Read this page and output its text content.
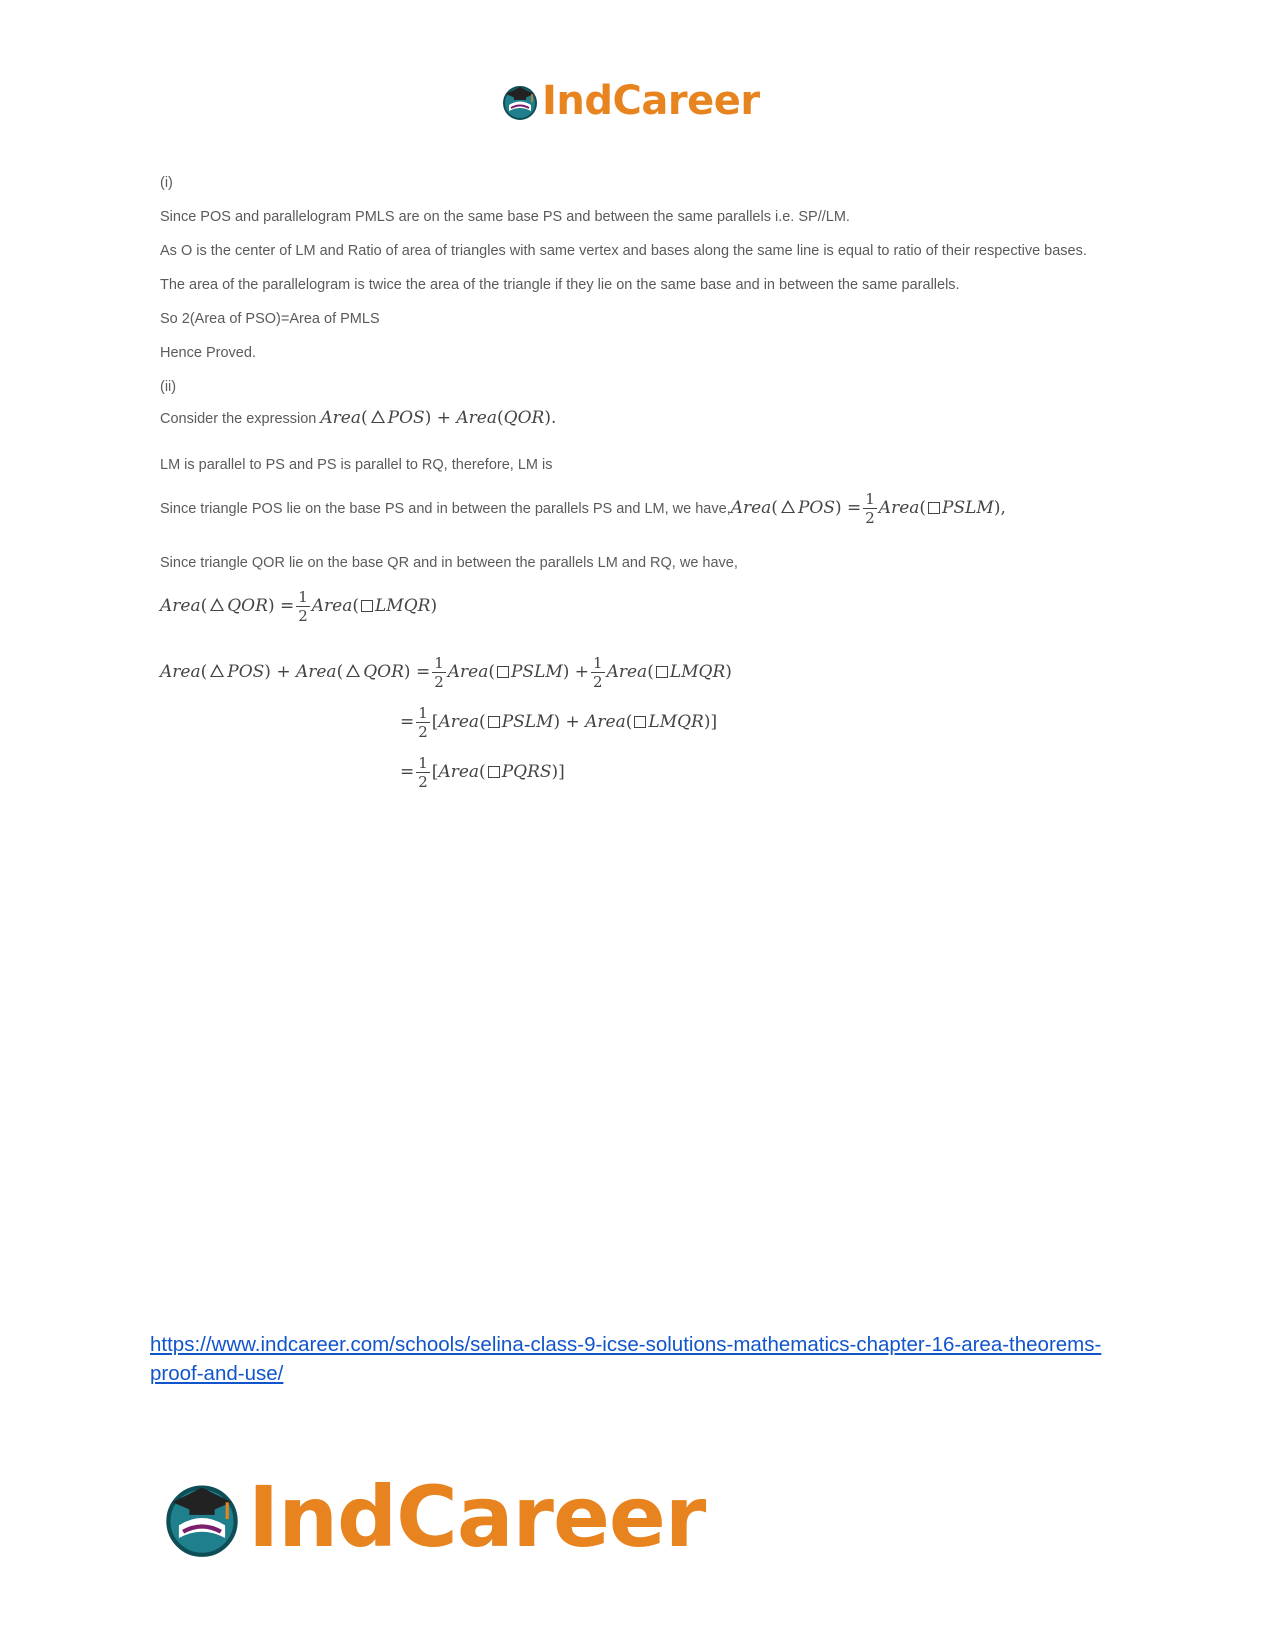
IndCareer
(i)
Since POS and parallelogram PMLS are on the same base PS and between the same parallels i.e. SP//LM.
As O is the center of LM and Ratio of area of triangles with same vertex and bases along the same line is equal to ratio of their respective bases.
The area of the parallelogram is twice the area of the triangle if they lie on the same base and in between the same parallels.
So 2(Area of PSO)=Area of PMLS
Hence Proved.
(ii)
Consider the expression Area( POS) + Area(QOR).
LM is parallel to PS and PS is parallel to RQ, therefore, LM is
Since triangle POS lie on the base PS and in between the parallels PS and LM, we have,Area( $POS) = \frac{1}{2}$ Area( PSLM),
Since triangle QOR lie on the base QR and in between the parallels LM and RQ, we have,
Area( $QOR) = \frac{1}{2}$ Area( LMQR)
Area( POS) + Area( $QOR) = \frac{1}{2}$ Area( PSLM) + $\frac{1}{2}$ Area( LMQR)
= $\frac{1}{2}$ [Area( PSLM) + Area( LMQR)]
= $\frac{1}{2}$ [Area( PQRS)]
https://www.indcareer.com/schools/selina-class-9-icse-solutions-mathematics-chapter-16-area-theorems-proof-and-use/
IndCareer
